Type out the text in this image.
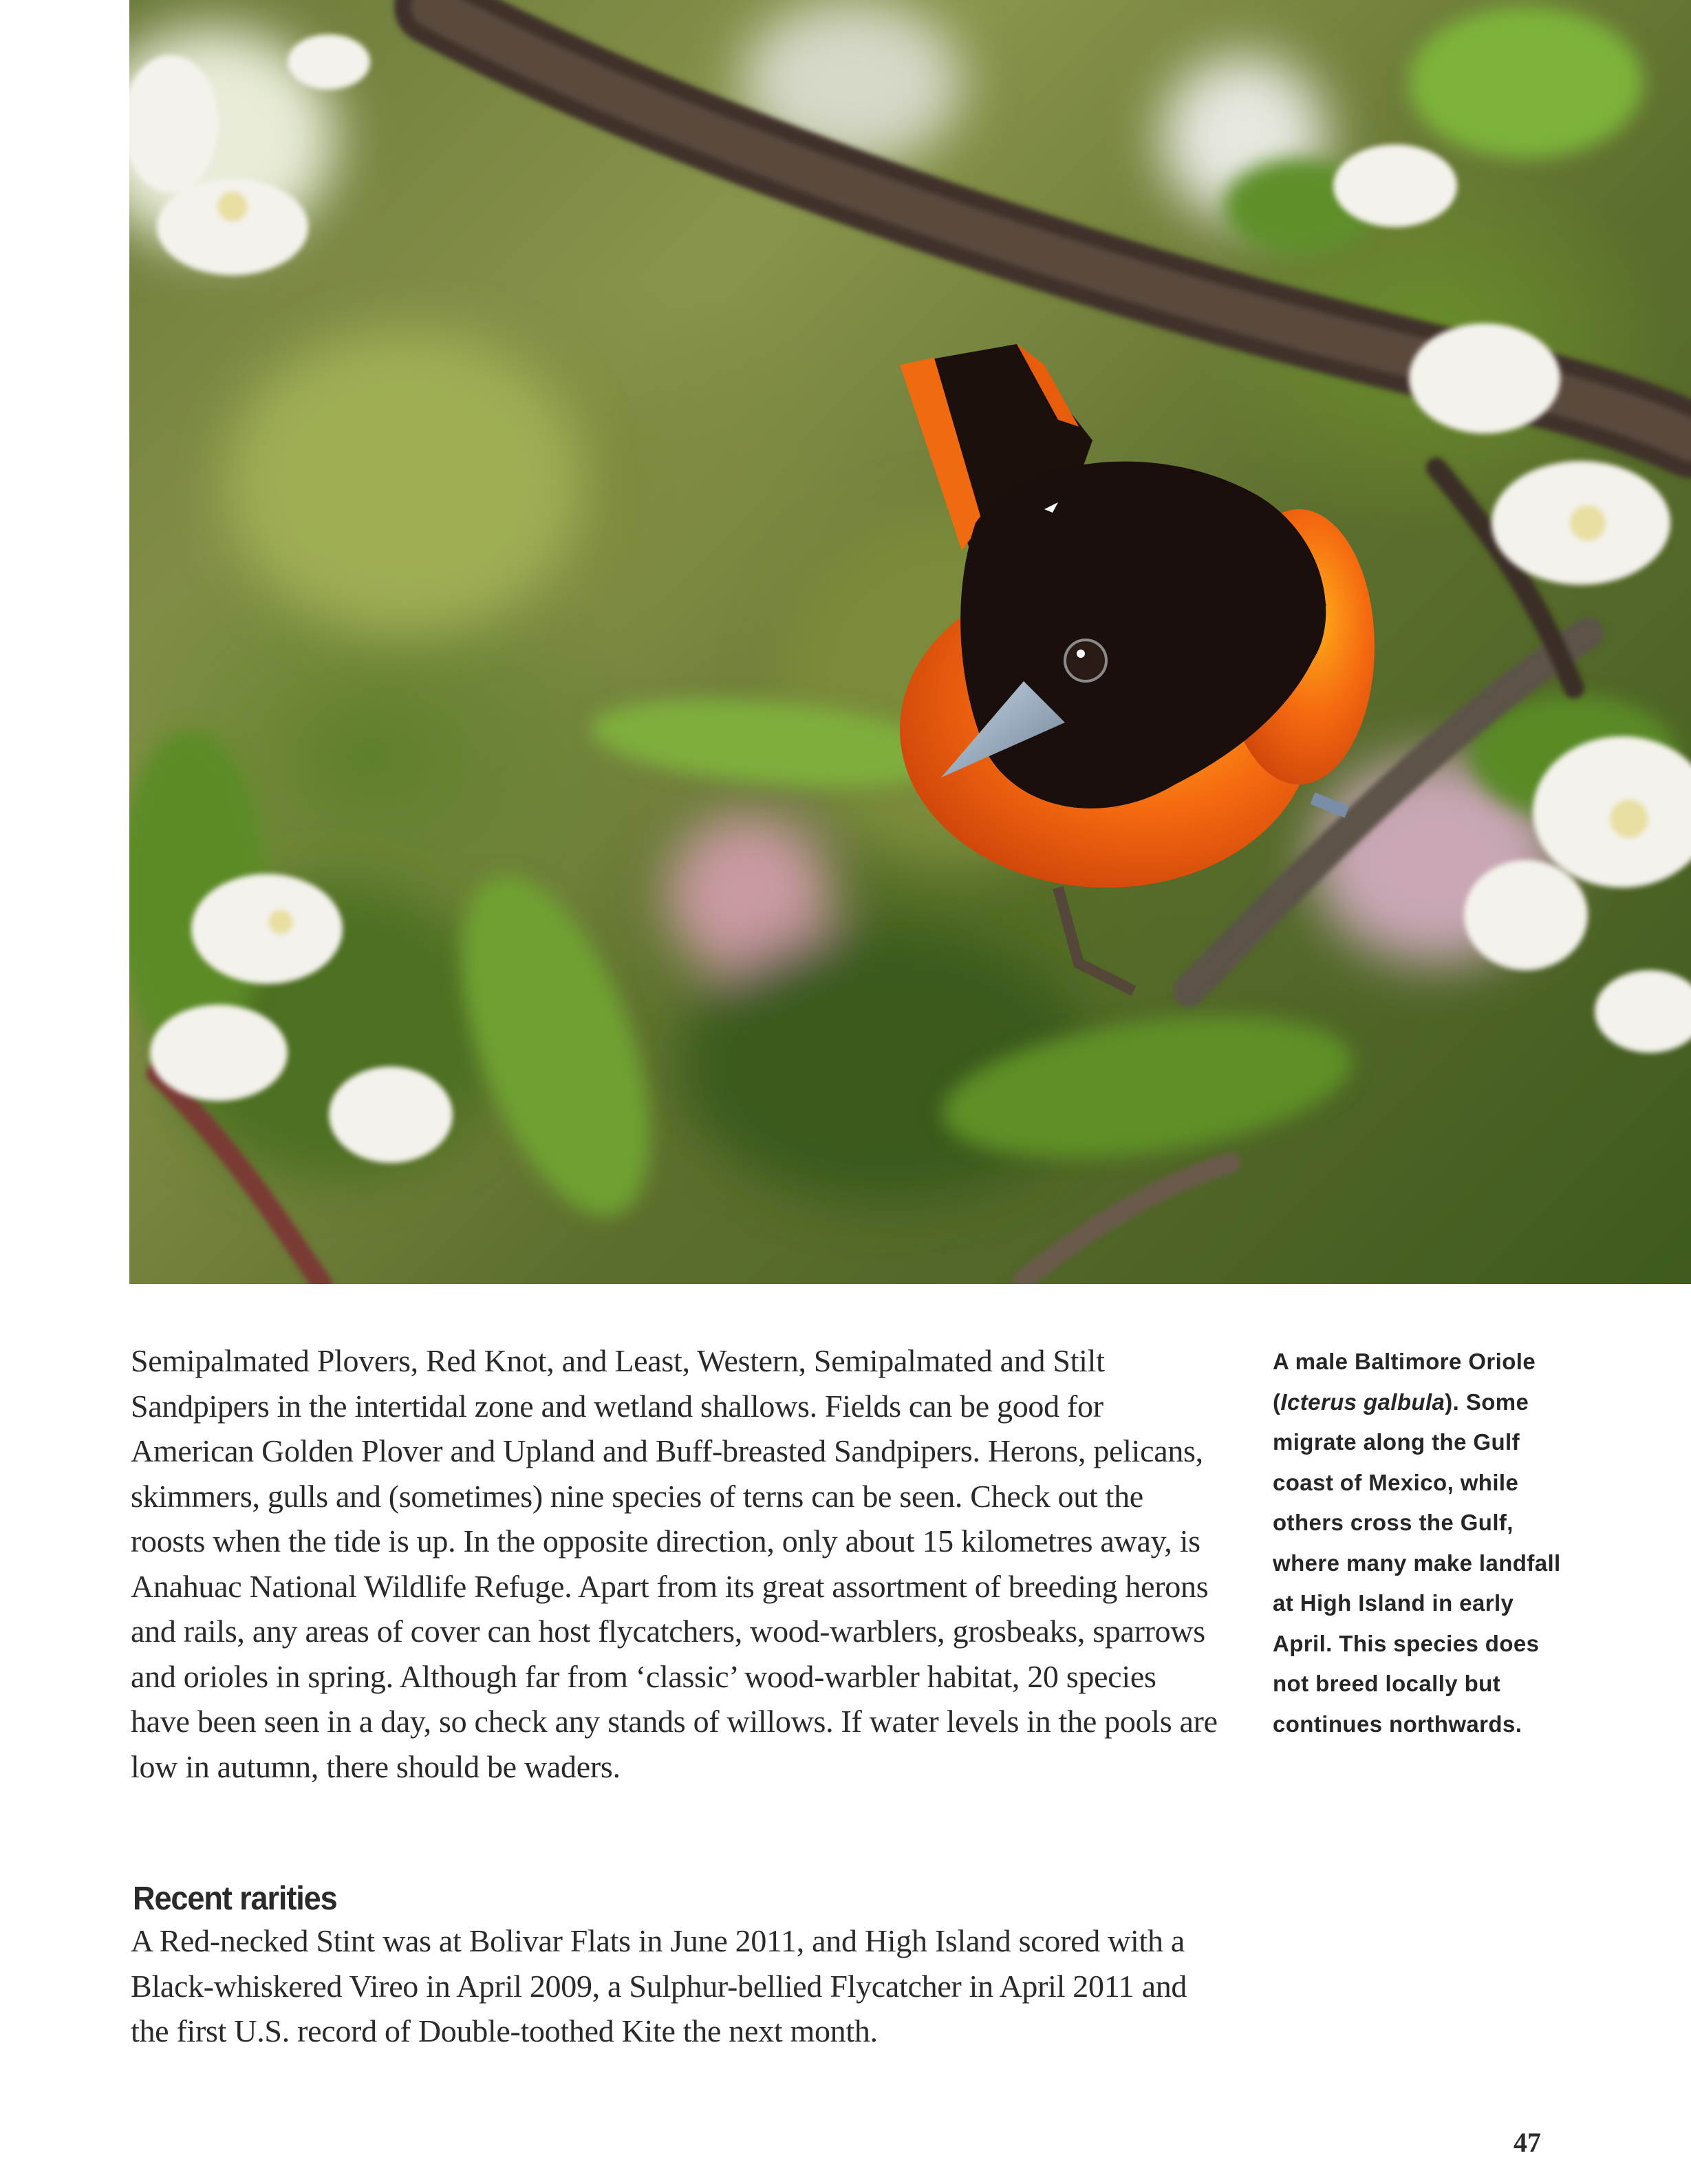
Semipalmated Plovers, Red Knot, and Least, Western, Semipalmated and Stilt Sandpipers in the intertidal zone and wetland shallows. Fields can be good for American Golden Plover and Upland and Buff-breasted Sandpipers. Herons, pelicans, skimmers, gulls and (sometimes) nine species of terns can be seen. Check out the roosts when the tide is up. In the opposite direction, only about 15 kilometres away, is Anahuac National Wildlife Refuge. Apart from its great assortment of breeding herons and rails, any areas of cover can host flycatchers, wood-warblers, grosbeaks, sparrows and orioles in spring. Although far from ‘classic’ wood-warbler habitat, 20 species have been seen in a day, so check any stands of willows. If water levels in the pools are low in autumn, there should be waders.

Recent rarities

A Red-necked Stint was at Bolivar Flats in June 2011, and High Island scored with a Black-whiskered Vireo in April 2009, a Sulphur-bellied Flycatcher in April 2011 and the first U.S. record of Double-toothed Kite the next month.

A male Baltimore Oriole (Icterus galbula). Some migrate along the Gulf coast of Mexico, while others cross the Gulf, where many make landfall at High Island in early April. This species does not breed locally but continues northwards.
47
